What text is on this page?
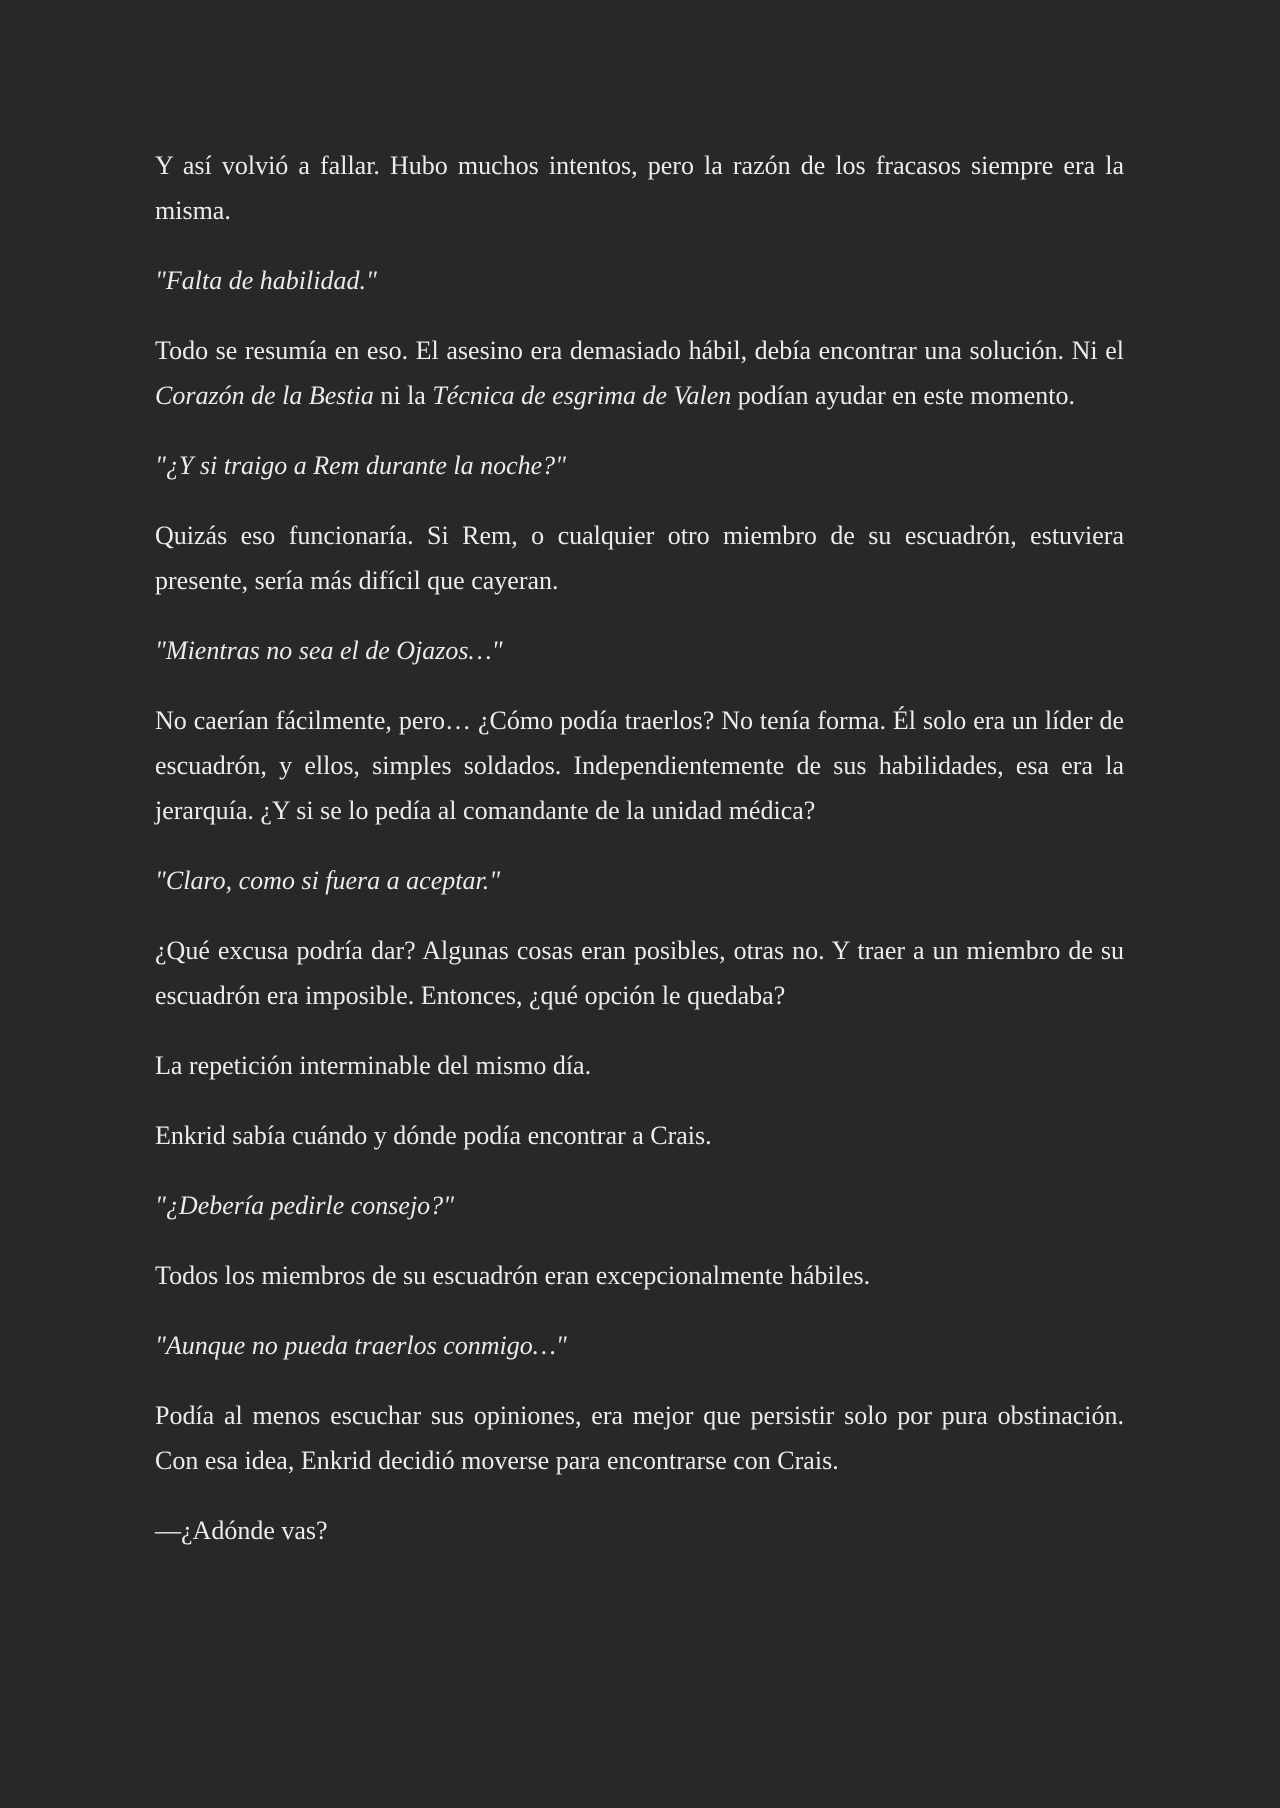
Y así volvió a fallar. Hubo muchos intentos, pero la razón de los fracasos siempre era la misma.

"Falta de habilidad."

Todo se resumía en eso. El asesino era demasiado hábil, debía encontrar una solución. Ni el Corazón de la Bestia ni la Técnica de esgrima de Valen podían ayudar en este momento.

"¿Y si traigo a Rem durante la noche?"

Quizás eso funcionaría. Si Rem, o cualquier otro miembro de su escuadrón, estuviera presente, sería más difícil que cayeran.

"Mientras no sea el de Ojazos…"

No caerían fácilmente, pero… ¿Cómo podía traerlos? No tenía forma. Él solo era un líder de escuadrón, y ellos, simples soldados. Independientemente de sus habilidades, esa era la jerarquía. ¿Y si se lo pedía al comandante de la unidad médica?

"Claro, como si fuera a aceptar."

¿Qué excusa podría dar? Algunas cosas eran posibles, otras no. Y traer a un miembro de su escuadrón era imposible. Entonces, ¿qué opción le quedaba?

La repetición interminable del mismo día.

Enkrid sabía cuándo y dónde podía encontrar a Crais.

"¿Debería pedirle consejo?"

Todos los miembros de su escuadrón eran excepcionalmente hábiles.

"Aunque no pueda traerlos conmigo…"

Podía al menos escuchar sus opiniones, era mejor que persistir solo por pura obstinación. Con esa idea, Enkrid decidió moverse para encontrarse con Crais.

—¿Adónde vas?
